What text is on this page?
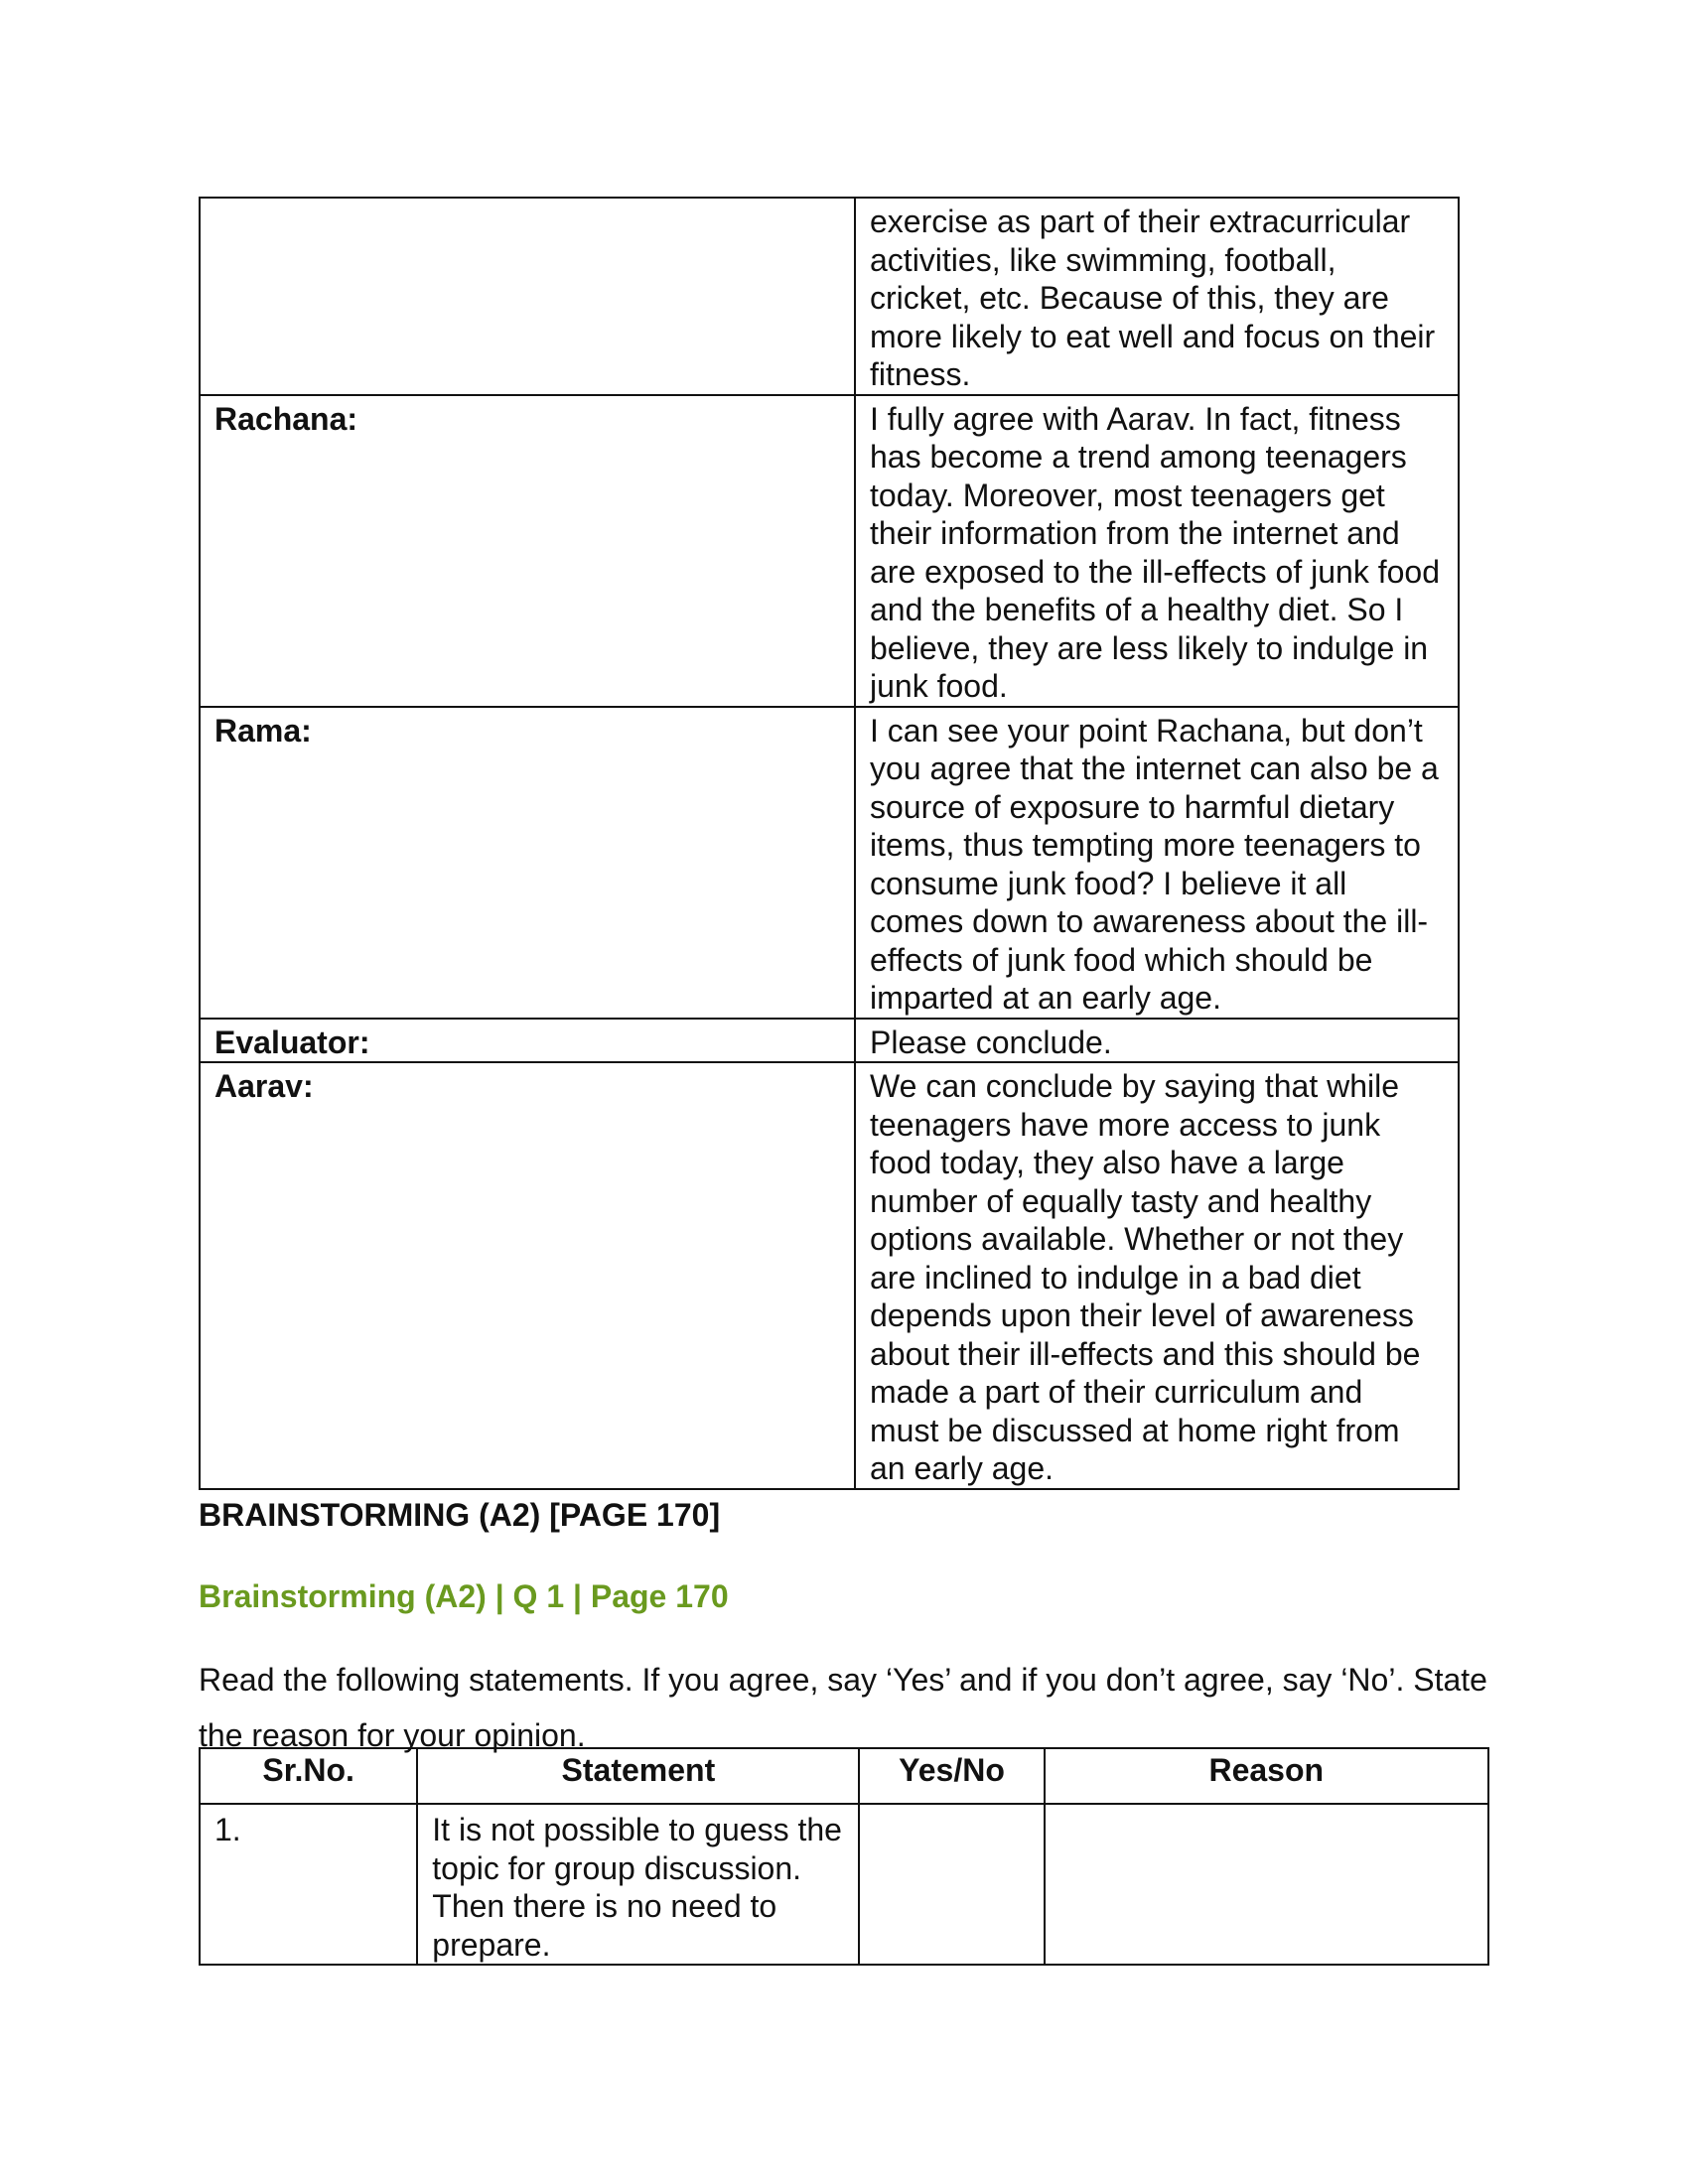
	exercise as part of their extracurricular activities, like swimming, football, cricket, etc. Because of this, they are more likely to eat well and focus on their fitness.
Rachana:	I fully agree with Aarav. In fact, fitness has become a trend among teenagers today. Moreover, most teenagers get their information from the internet and are exposed to the ill-effects of junk food and the benefits of a healthy diet. So I believe, they are less likely to indulge in junk food.
Rama:	I can see your point Rachana, but don’t you agree that the internet can also be a source of exposure to harmful dietary items, thus tempting more teenagers to consume junk food? I believe it all comes down to awareness about the ill-effects of junk food which should be imparted at an early age.
Evaluator:	Please conclude.
Aarav:	We can conclude by saying that while teenagers have more access to junk food today, they also have a large number of equally tasty and healthy options available. Whether or not they are inclined to indulge in a bad diet depends upon their level of awareness about their ill-effects and this should be made a part of their curriculum and must be discussed at home right from an early age.
BRAINSTORMING (A2) [PAGE 170]
Brainstorming (A2) | Q 1 | Page 170

Read the following statements. If you agree, say ‘Yes’ and if you don’t agree, say ‘No’. State the reason for your opinion.

Sr.No.	Statement	Yes/No	Reason
1.	It is not possible to guess the topic for group discussion. Then there is no need to prepare.		
